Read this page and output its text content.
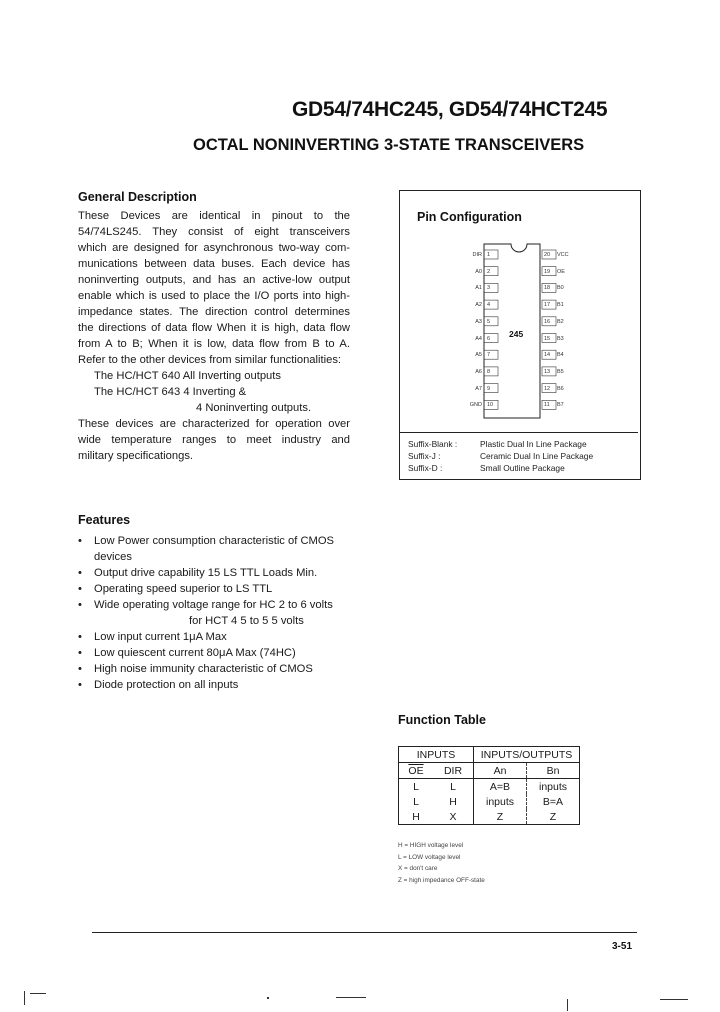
GD54/74HC245, GD54/74HCT245
OCTAL NONINVERTING 3-STATE TRANSCEIVERS
General Description
These Devices are identical in pinout to the
54/74LS245. They consist of eight transceivers
which are designed for asynchronous two-way com-
munications between data buses. Each device has
noninverting outputs, and has an active-low output
enable which is used to place the I/O ports into high-
impedance states. The direction control determines
the directions of data flow When it is high, data flow
from A to B; When it is low, data flow from B to A.
Refer to the other devices from similar functionalities:
The HC/HCT 640 All Inverting outputs
The HC/HCT 643 4 Inverting &
4 Noninverting outputs.
These devices are characterized for operation over
wide temperature ranges to meet industry and
military specificationgs.
Features
• Low Power consumption characteristic of CMOS
devices
• Output drive capability 15 LS TTL Loads Min.
• Operating speed superior to LS TTL
• Wide operating voltage range for HC 2 to 6 volts
for HCT 4 5 to 5 5 volts
• Low input current 1μA Max
• Low quiescent current 80μA Max (74HC)
• High noise immunity characteristic of CMOS
• Diode protection on all inputs
Pin Configuration
245
DIR
A0
A1
A2
A3
A4
A5
A6
A7
GND
1
2
3
4
5
6
7
8
9
10
20
19
18
17
16
15
14
13
12
11
VCC
OE
B0
B1
B2
B3
B4
B5
B6
B7
Suffix-Blank :	Plastic Dual In Line Package
Suffix-J :	Ceramic Dual In Line Package
Suffix-D :	Small Outline Package
Function Table
INPUTS		INPUTS/OUTPUTS	
$\overline{OE}$	DIR	An	Bn
L	L	A=B	inputs
L	H	inputs	B=A
H	X	Z	Z
H = HIGH voltage level
L = LOW voltage level
X = don't care
Z = high impedance OFF-state
3-51
